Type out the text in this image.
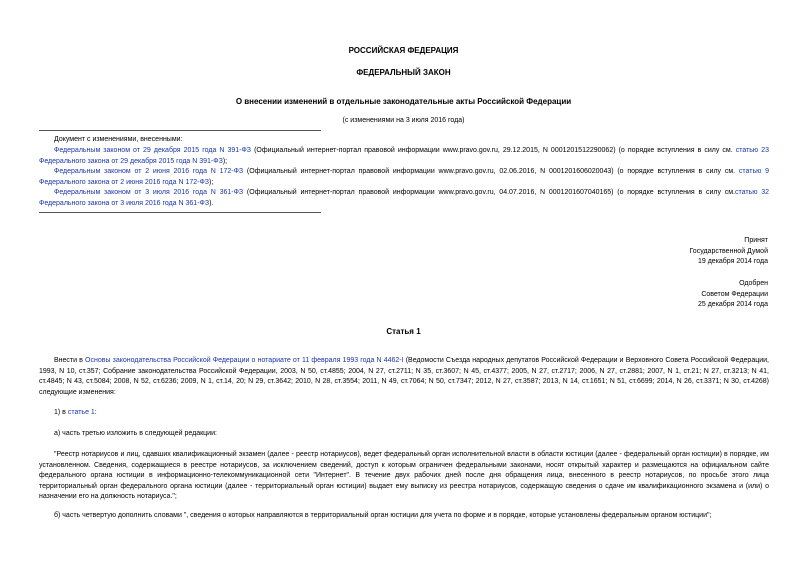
РОССИЙСКАЯ ФЕДЕРАЦИЯ
ФЕДЕРАЛЬНЫЙ ЗАКОН
О внесении изменений в отдельные законодательные акты Российской Федерации
(с изменениями на 3 июля 2016 года)
Документ с изменениями, внесенными:
Федеральным законом от 29 декабря 2015 года N 391-ФЗ (Официальный интернет-портал правовой информации www.pravo.gov.ru, 29.12.2015, N 0001201512290062) (о порядке вступления в силу см. статью 23 Федерального закона от 29 декабря 2015 года N 391-ФЗ);
Федеральным законом от 2 июня 2016 года N 172-ФЗ (Официальный интернет-портал правовой информации www.pravo.gov.ru, 02.06.2016, N 0001201606020043) (о порядке вступления в силу см. статью 9 Федерального закона от 2 июня 2016 года N 172-ФЗ);
Федеральным законом от 3 июля 2016 года N 361-ФЗ (Официальный интернет-портал правовой информации www.pravo.gov.ru, 04.07.2016, N 0001201607040165) (о порядке вступления в силу см.статью 32 Федерального закона от 3 июля 2016 года N 361-ФЗ).
Принят
Государственной Думой
19 декабря 2014 года
Одобрен
Советом Федерации
25 декабря 2014 года
Статья 1
Внести в Основы законодательства Российской Федерации о нотариате от 11 февраля 1993 года N 4462-I (Ведомости Съезда народных депутатов Российской Федерации и Верховного Совета Российской Федерации, 1993, N 10, ст.357; Собрание законодательства Российской Федерации, 2003, N 50, ст.4855; 2004, N 27, ст.2711; N 35, ст.3607; N 45, ст.4377; 2005, N 27, ст.2717; 2006, N 27, ст.2881; 2007, N 1, ст.21; N 27, ст.3213; N 41, ст.4845; N 43, ст.5084; 2008, N 52, ст.6236; 2009, N 1, ст.14, 20; N 29, ст.3642; 2010, N 28, ст.3554; 2011, N 49, ст.7064; N 50, ст.7347; 2012, N 27, ст.3587; 2013, N 14, ст.1651; N 51, ст.6699; 2014, N 26, ст.3371; N 30, ст.4268) следующие изменения:
1) в статье 1:
а) часть третью изложить в следующей редакции:
"Реестр нотариусов и лиц, сдавших квалификационный экзамен (далее - реестр нотариусов), ведет федеральный орган исполнительной власти в области юстиции (далее - федеральный орган юстиции) в порядке, им установленном. Сведения, содержащиеся в реестре нотариусов, за исключением сведений, доступ к которым ограничен федеральными законами, носят открытый характер и размещаются на официальном сайте федерального органа юстиции в информационно-телекоммуникационной сети "Интернет". В течение двух рабочих дней после дня обращения лица, внесенного в реестр нотариусов, по просьбе этого лица территориальный орган федерального органа юстиции (далее - территориальный орган юстиции) выдает ему выписку из реестра нотариусов, содержащую сведения о сдаче им квалификационного экзамена и (или) о назначении его на должность нотариуса.";
б) часть четвертую дополнить словами ", сведения о которых направляются в территориальный орган юстиции для учета по форме и в порядке, которые установлены федеральным органом юстиции";
